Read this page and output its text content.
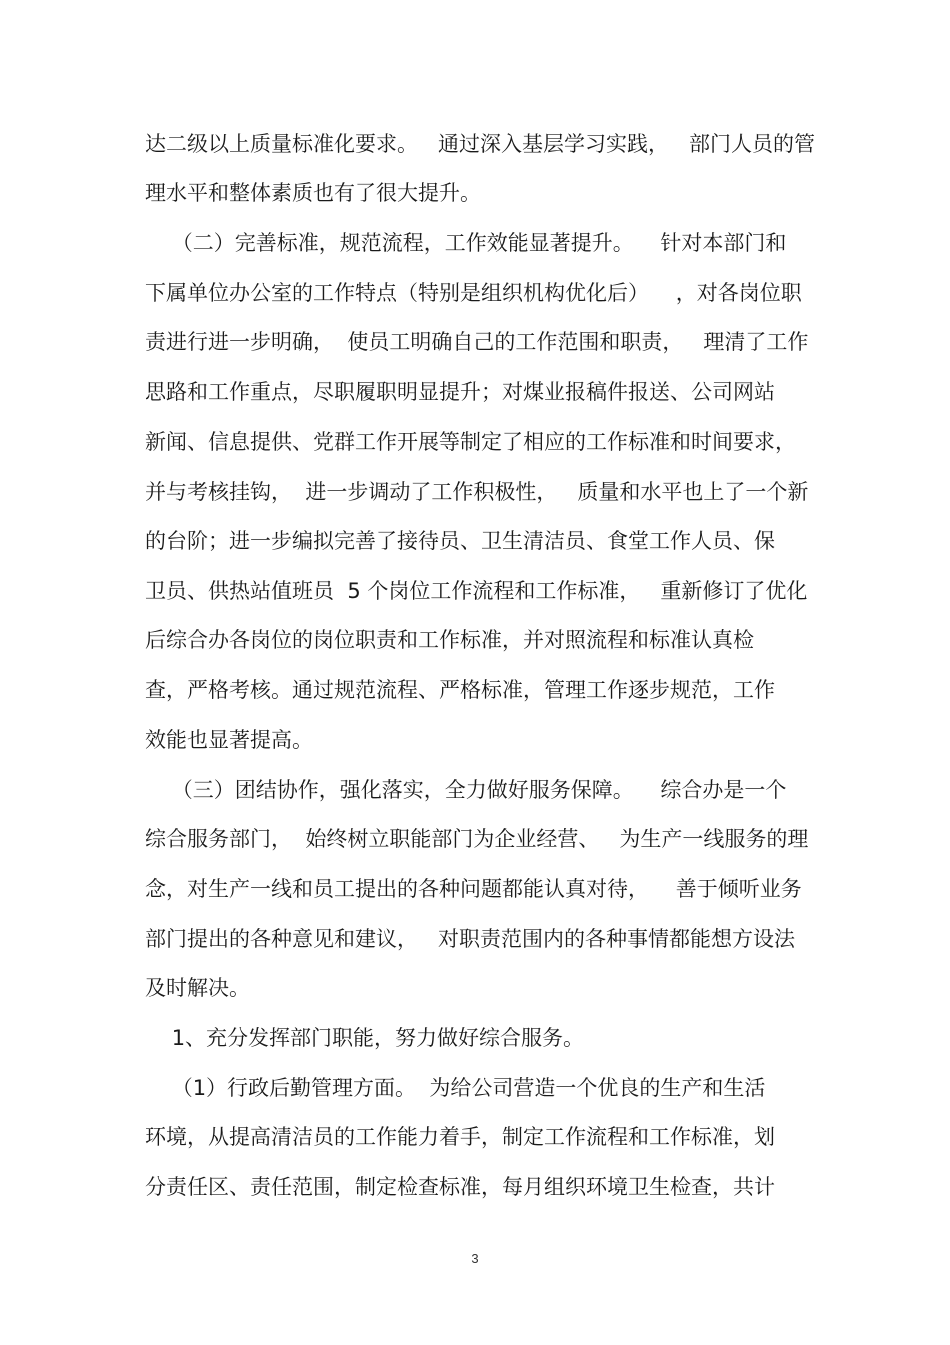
达二级以上质量标准化要求。   通过深入基层学习实践，   部门人员的管

理水平和整体素质也有了很大提升。

（二）完善标准，规范流程，工作效能显著提升。    针对本部门和

下属单位办公室的工作特点（特别是组织机构优化后）    ，对各岗位职

责进行进一步明确，  使员工明确自己的工作范围和职责，   理清了工作

思路和工作重点，尽职履职明显提升；对煤业报稿件报送、公司网站

新闻、信息提供、党群工作开展等制定了相应的工作标准和时间要求，

并与考核挂钩，  进一步调动了工作积极性，   质量和水平也上了一个新

的台阶；进一步编拟完善了接待员、卫生清洁员、食堂工作人员、保

卫员、供热站值班员  5 个岗位工作流程和工作标准，   重新修订了优化

后综合办各岗位的岗位职责和工作标准，并对照流程和标准认真检

查，严格考核。通过规范流程、严格标准，管理工作逐步规范，工作

效能也显著提高。

（三）团结协作，强化落实，全力做好服务保障。    综合办是一个

综合服务部门，  始终树立职能部门为企业经营、   为生产一线服务的理

念，对生产一线和员工提出的各种问题都能认真对待，    善于倾听业务

部门提出的各种意见和建议，   对职责范围内的各种事情都能想方设法

及时解决。

1、充分发挥部门职能，努力做好综合服务。

（1）行政后勤管理方面。  为给公司营造一个优良的生产和生活

环境，从提高清洁员的工作能力着手，制定工作流程和工作标准，划

分责任区、责任范围，制定检查标准，每月组织环境卫生检查，共计

3
